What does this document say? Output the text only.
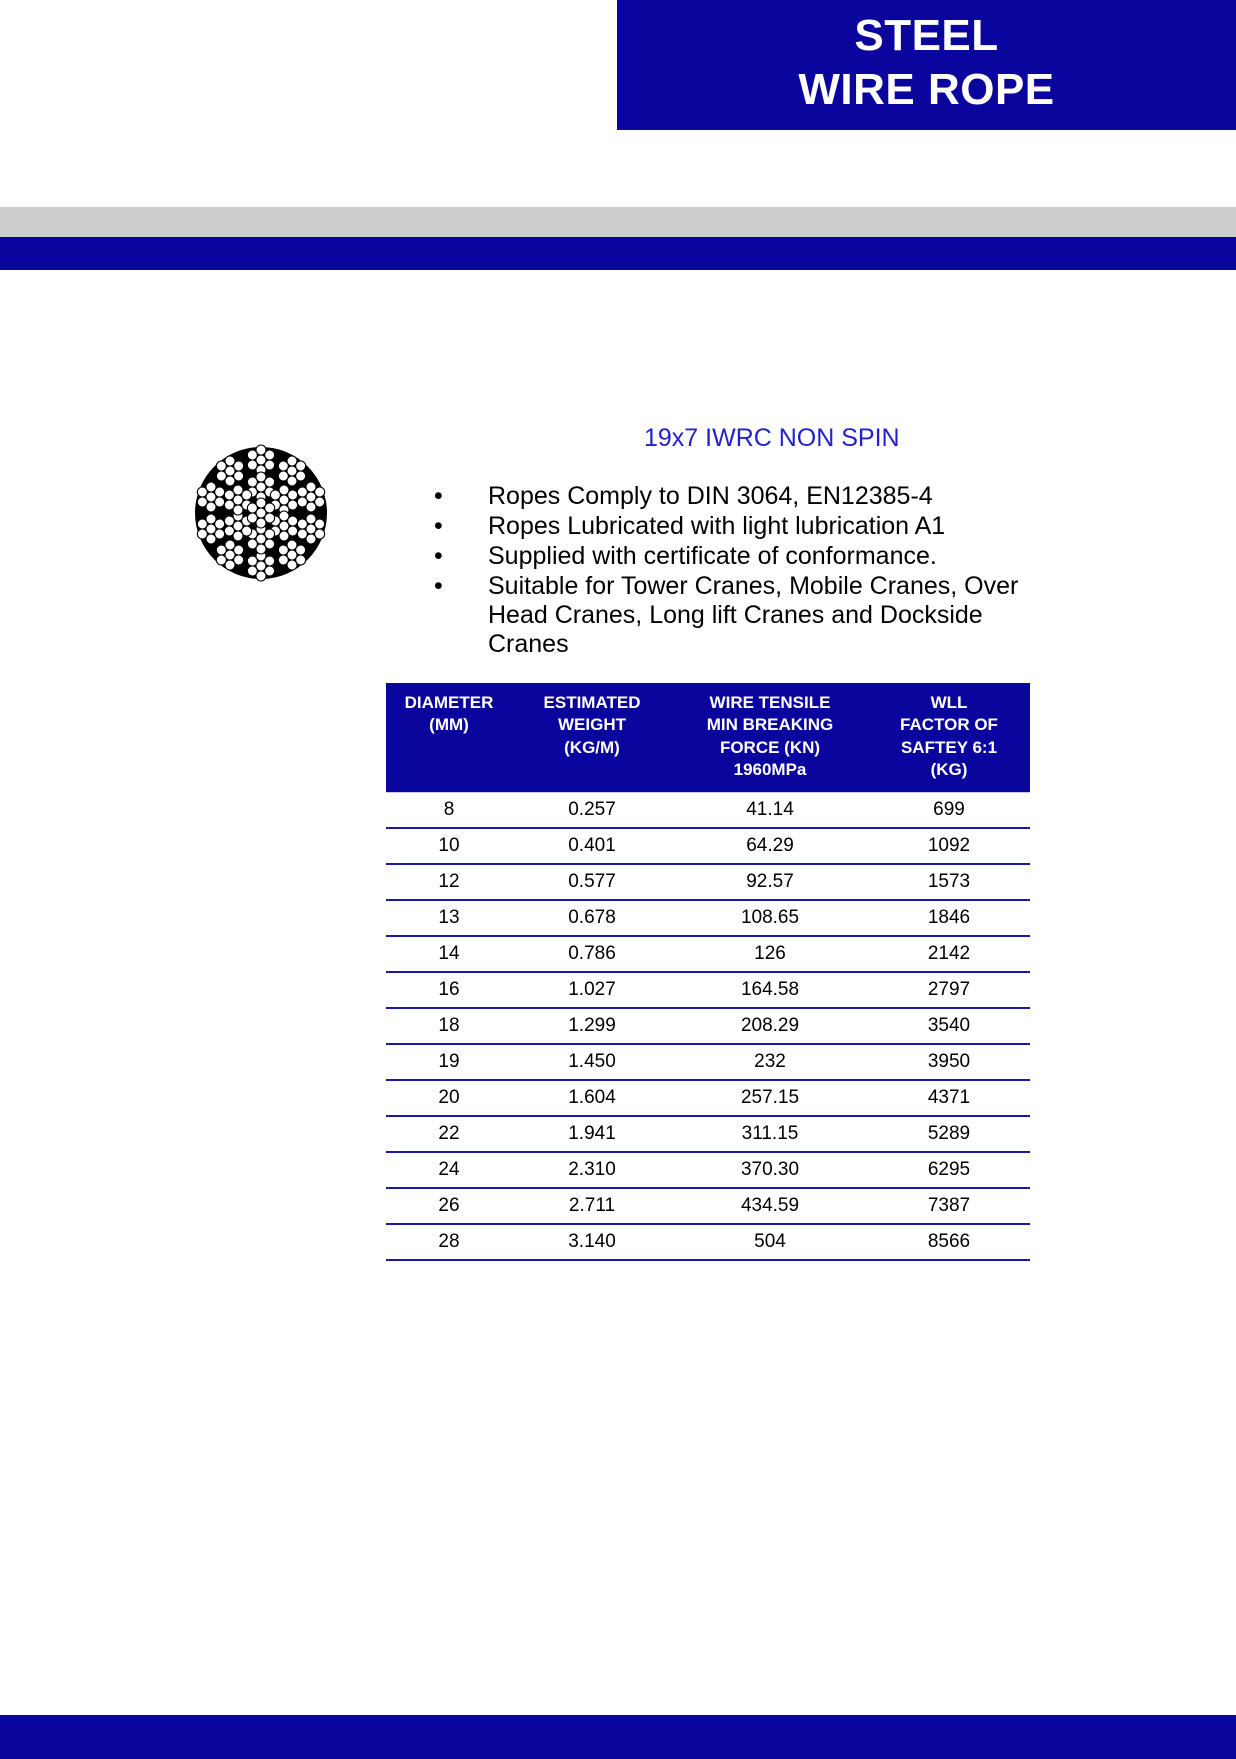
STEEL
WIRE ROPE
19x7 IWRC NON SPIN
• Ropes Comply to DIN 3064, EN12385-4
• Ropes Lubricated with light lubrication A1
• Supplied with certificate of conformance.
• Suitable for Tower Cranes, Mobile Cranes, Over Head Cranes, Long lift Cranes and Dockside Cranes
DIAMETER
(MM)	ESTIMATED
WEIGHT
(KG/M)	WIRE TENSILE
MIN BREAKING
FORCE (KN)
1960MPa	WLL
FACTOR OF
SAFTEY 6:1
(KG)
8	0.257	41.14	699
10	0.401	64.29	1092
12	0.577	92.57	1573
13	0.678	108.65	1846
14	0.786	126	2142
16	1.027	164.58	2797
18	1.299	208.29	3540
19	1.450	232	3950
20	1.604	257.15	4371
22	1.941	311.15	5289
24	2.310	370.30	6295
26	2.711	434.59	7387
28	3.140	504	8566
